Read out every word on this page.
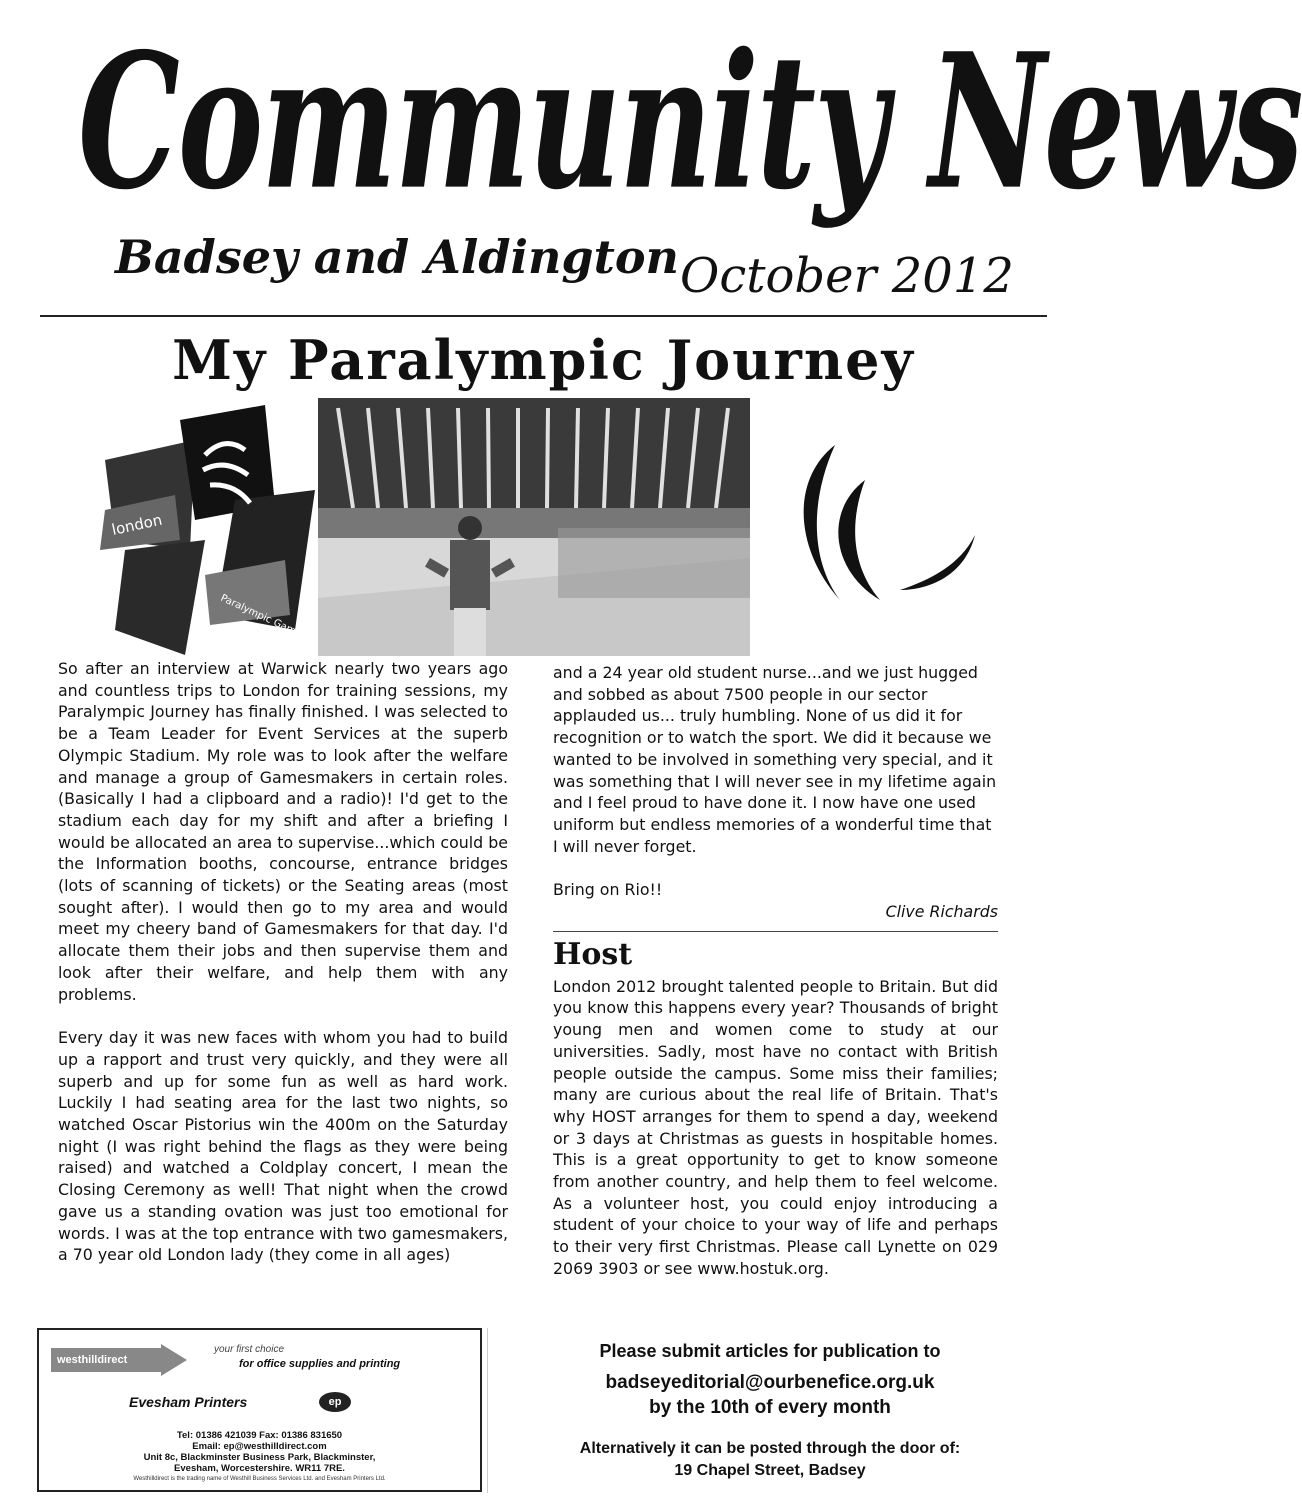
Community News
Badsey and Aldington October 2012
My Paralympic Journey
london
Paralympic Games

So after an interview at Warwick nearly two years ago and countless trips to London for training sessions, my Paralympic Journey has finally finished. I was selected to be a Team Leader for Event Services at the superb Olympic Stadium. My role was to look after the welfare and manage a group of Gamesmakers in certain roles. (Basically I had a clipboard and a radio)! I'd get to the stadium each day for my shift and after a briefing I would be allocated an area to supervise...which could be the Information booths, concourse, entrance bridges (lots of scanning of tickets) or the Seating areas (most sought after). I would then go to my area and would meet my cheery band of Gamesmakers for that day. I'd allocate them their jobs and then supervise them and look after their welfare, and help them with any problems.

Every day it was new faces with whom you had to build up a rapport and trust very quickly, and they were all superb and up for some fun as well as hard work. Luckily I had seating area for the last two nights, so watched Oscar Pistorius win the 400m on the Saturday night (I was right behind the flags as they were being raised) and watched a Coldplay concert, I mean the Closing Ceremony as well! That night when the crowd gave us a standing ovation was just too emotional for words. I was at the top entrance with two gamesmakers, a 70 year old London lady (they come in all ages)

and a 24 year old student nurse...and we just hugged and sobbed as about 7500 people in our sector applauded us... truly humbling. None of us did it for recognition or to watch the sport. We did it because we wanted to be involved in something very special, and it was something that I will never see in my lifetime again and I feel proud to have done it. I now have one used uniform but endless memories of a wonderful time that I will never forget.

Bring on Rio!!

Clive Richards

Host

London 2012 brought talented people to Britain. But did you know this happens every year? Thousands of bright young men and women come to study at our universities. Sadly, most have no contact with British people outside the campus. Some miss their families; many are curious about the real life of Britain. That's why HOST arranges for them to spend a day, weekend or 3 days at Christmas as guests in hospitable homes. This is a great opportunity to get to know someone from another country, and help them to feel welcome. As a volunteer host, you could enjoy introducing a student of your choice to your way of life and perhaps to their very first Christmas. Please call Lynette on 029 2069 3903 or see www.hostuk.org.

westhilldirect
your first choice
for office supplies and printing
Evesham Printers	ep
Tel: 01386 421039 Fax: 01386 831650
Email: ep@westhilldirect.com
Unit 8c, Blackminster Business Park, Blackminster,
Evesham, Worcestershire. WR11 7RE.
Westhilldirect is the trading name of Westhill Business Services Ltd. and Evesham Printers Ltd.
Please submit articles for publication to
badseyeditorial@ourbenefice.org.uk
by the 10th of every month
Alternatively it can be posted through the door of:
19 Chapel Street, Badsey
